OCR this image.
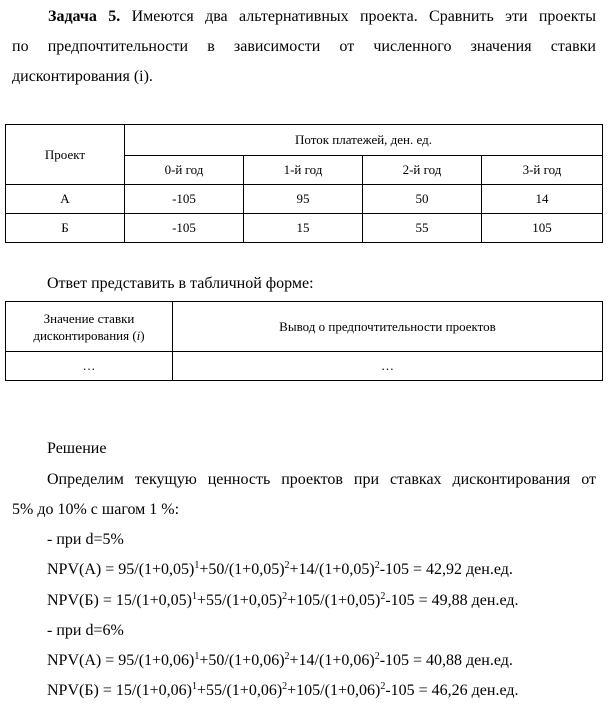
Задача 5. Имеются два альтернативных проекта. Сравнить эти проекты
по предпочтительности в зависимости от численного значения ставки
дисконтирования (i).
Проект	Поток платежей, ден. ед.			
	0-й год	1-й год	2-й год	3-й год
А	-105	95	50	14
Б	-105	15	55	105
Ответ представить в табличной форме:
Значение ставки
дисконтирования (i)	Вывод о предпочтительности проектов
…	…
Решение
Определим текущую ценность проектов при ставках дисконтирования от
5% до 10% с шагом 1 %:
- при d=5%
$NPV(А) = 95/(1+0,05)^1+50/(1+0,05)^2+14/(1+0,05)^2-105 = 42,92$ ден.ед.
$NPV(Б) = 15/(1+0,05)^1+55/(1+0,05)^2+105/(1+0,05)^2-105 = 49,88$ ден.ед.
- при d=6%
$NPV(А) = 95/(1+0,06)^1+50/(1+0,06)^2+14/(1+0,06)^2-105 = 40,88$ ден.ед.
$NPV(Б) = 15/(1+0,06)^1+55/(1+0,06)^2+105/(1+0,06)^2-105 = 46,26$ ден.ед.
